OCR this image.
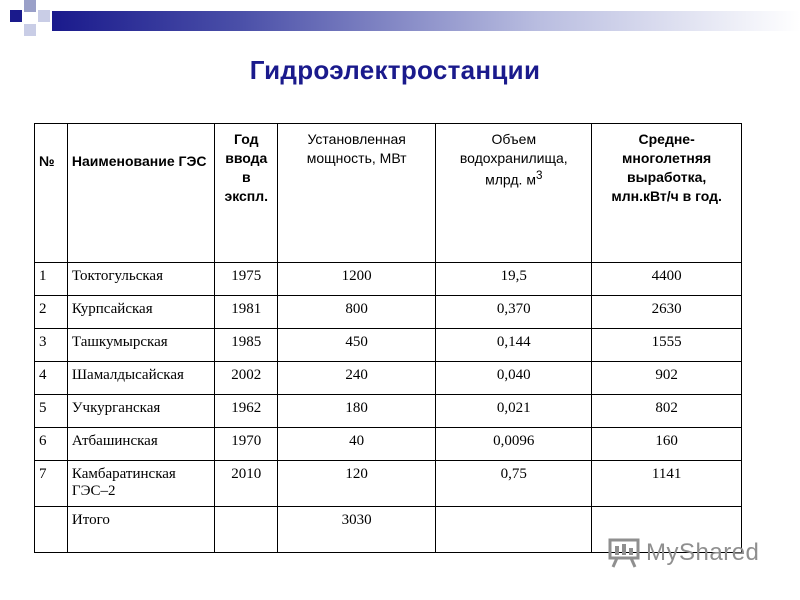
Гидроэлектростанции
№	Наименование ГЭС	Год ввода в экспл.	Установленная мощность, МВт	Объем водохранилища, млрд. $м^3$	Средне-многолетняя выработка, млн.кВт/ч в год.
1	Токтогульская	1975	1200	19,5	4400
2	Курпсайская	1981	800	0,370	2630
3	Ташкумырская	1985	450	0,144	1555
4	Шамалдысайская	2002	240	0,040	902
5	Учкурганская	1962	180	0,021	802
6	Атбашинская	1970	40	0,0096	160
7	Камбаратинская ГЭС–2	2010	120	0,75	1141
	Итого		3030		
MyShared
